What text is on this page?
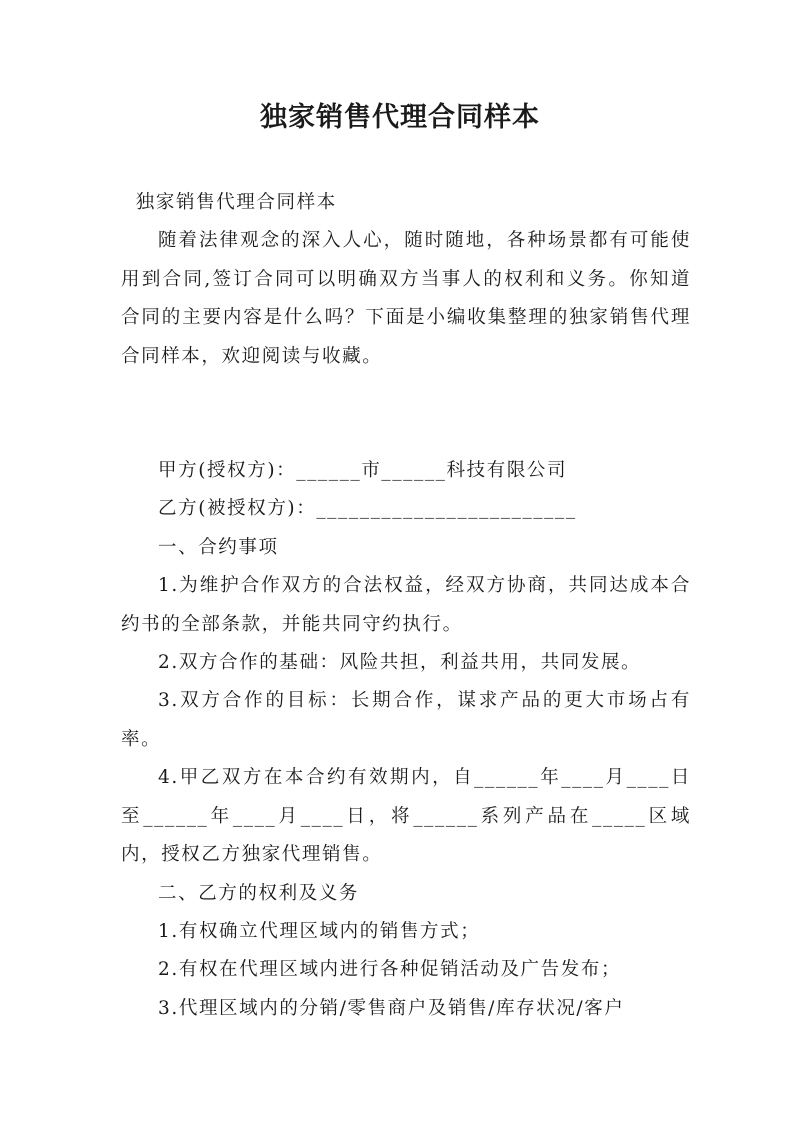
独家销售代理合同样本

独家销售代理合同样本

随着法律观念的深入人心，随时随地，各种场景都有可能使用到合同,签订合同可以明确双方当事人的权利和义务。你知道合同的主要内容是什么吗？下面是小编收集整理的独家销售代理合同样本，欢迎阅读与收藏。

甲方(授权方)：______市______科技有限公司

乙方(被授权方)：________________________

一、合约事项

1.为维护合作双方的合法权益，经双方协商，共同达成本合约书的全部条款，并能共同守约执行。

2.双方合作的基础：风险共担，利益共用，共同发展。

3.双方合作的目标：长期合作，谋求产品的更大市场占有率。

4.甲乙双方在本合约有效期内，自______年____月____日至______年____月____日，将______系列产品在_____区域内，授权乙方独家代理销售。

二、乙方的权利及义务

1.有权确立代理区域内的销售方式；

2.有权在代理区域内进行各种促销活动及广告发布；

3.代理区域内的分销/零售商户及销售/库存状况/客户
